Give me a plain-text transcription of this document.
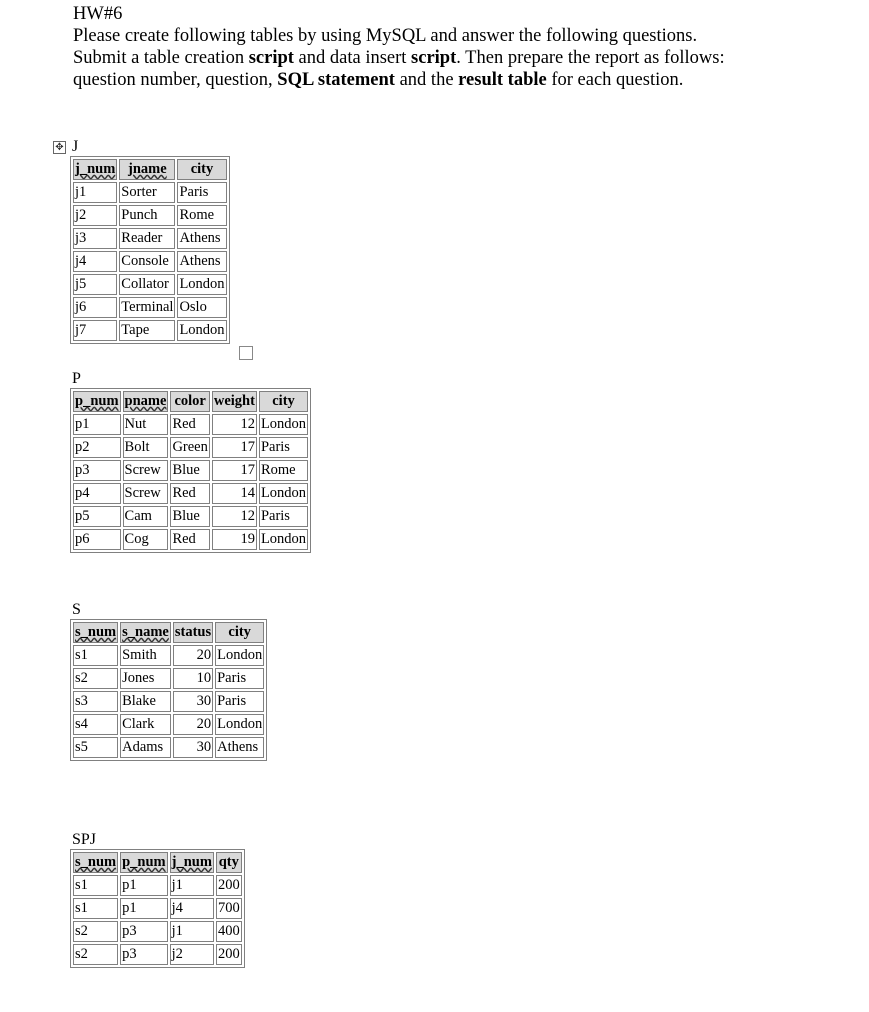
HW#6

Please create following tables by using MySQL and answer the following questions.

Submit a table creation script and data insert script. Then prepare the report as follows:

question number, question, SQL statement and the result table for each question.

✥ J
j_num	jname	city
j1	Sorter	Paris
j2	Punch	Rome
j3	Reader	Athens
j4	Console	Athens
j5	Collator	London
j6	Terminal	Oslo
j7	Tape	London
P
p_num	pname	color	weight	city
p1	Nut	Red	12	London
p2	Bolt	Green	17	Paris
p3	Screw	Blue	17	Rome
p4	Screw	Red	14	London
p5	Cam	Blue	12	Paris
p6	Cog	Red	19	London
S
s_num	s_name	status	city
s1	Smith	20	London
s2	Jones	10	Paris
s3	Blake	30	Paris
s4	Clark	20	London
s5	Adams	30	Athens
SPJ
s_num	p_num	j_num	qty
s1	p1	j1	200
s1	p1	j4	700
s2	p3	j1	400
s2	p3	j2	200
